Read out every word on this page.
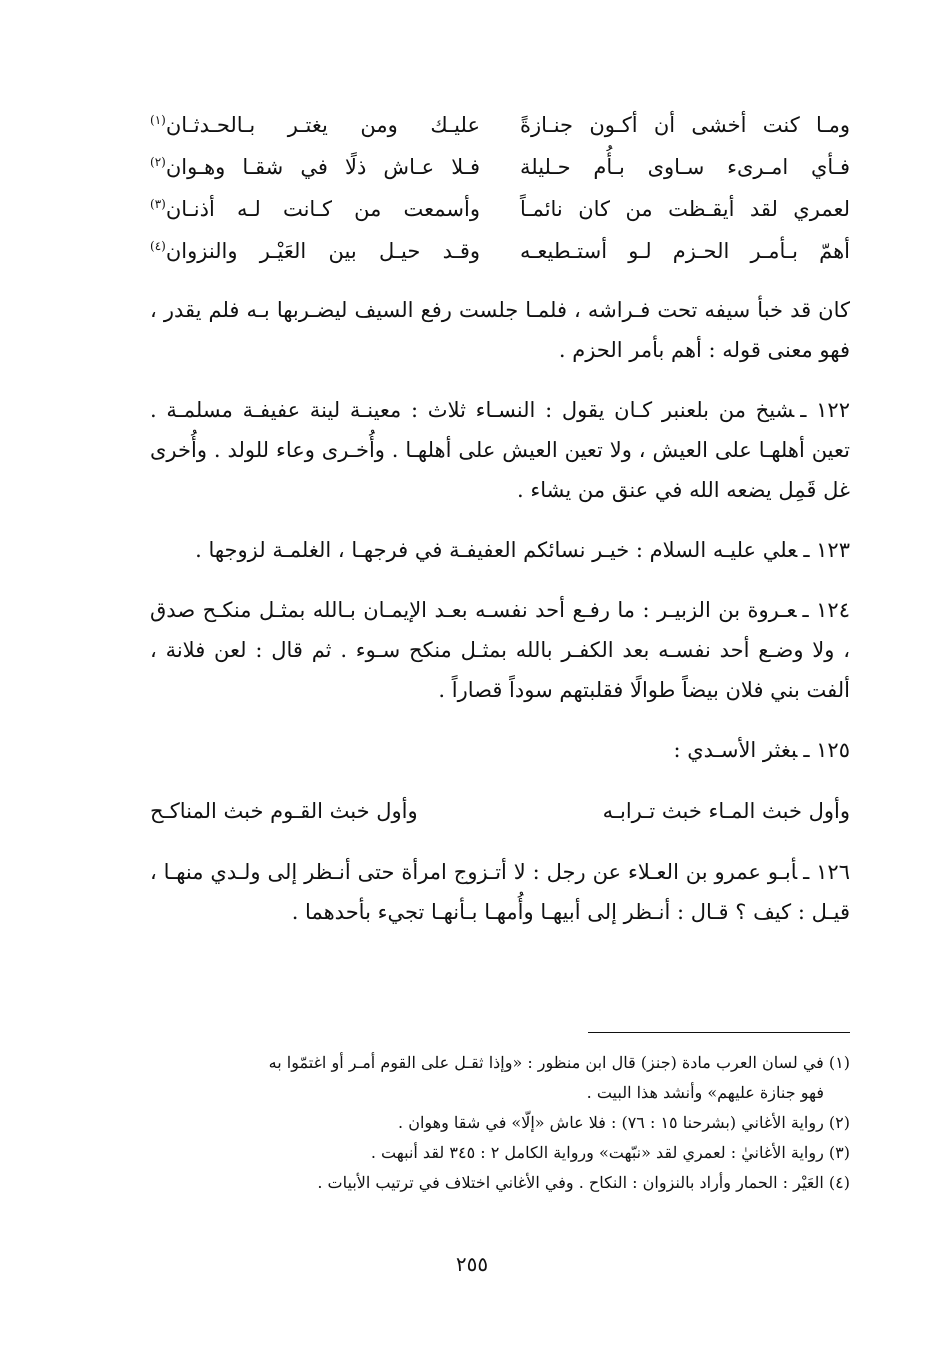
ومـا كنت أخشى أن أكـون جنـازةً
عليـك ومن يغتـر بـالحـدثـان$^{(١)}$
فـأي امـرىء سـاوى بـأُم حـليلة
فـلا عـاش ذلًا في شقـا وهـوان$^{(٢)}$
لعمري لقد أيقـظت من كان نائمـاً
وأسمعت من كـانت لـه أذنـان$^{(٣)}$
أهمّ بـأمـر الحـزم لـو أستـطيعـه
وقـد حيـل بين العَيْـر والنزوان$^{(٤)}$

كان قد خبأ سيفه تحت فـراشه ، فلمـا جلست رفع السيف ليضـربها بـه فلم يقدر ، فهو معنى قوله : أهم بأمر الحزم .

١٢٢ ـشيخ من بلعنبر كـان يقول : النسـاء ثلاث : معينـة لينة عفيفـة مسلمـة . تعين أهلهـا على العيش ، ولا تعين العيش على أهلهـا . وأُخـرى وعاء للولد . وأُخرى غل قَمِل يضعه الله في عنق من يشاء .

١٢٣ ـعلي عليـه السلام : خيـر نسائكم العفيفـة في فرجهـا ، الغلمـة لزوجها .

١٢٤ ـعـروة بن الزبيـر : ما رفـع أحد نفسـه بعـد الإيمـان بـالله بمثـل منكـح صدق ، ولا وضـع أحد نفسـه بعد الكفـر بالله بمثـل منكح سـوء . ثم قال : لعن فلانة ، ألفت بني فلان بيضاً طوالًا فقلبتهم سوداً قصاراً .

١٢٥ ـبغثر الأسـدي :

وأول خبث المـاء خبث تـرابـه
وأول خبث القـوم خبث المناكـح

١٢٦ ـأبـو عمرو بن العـلاء عن رجل : لا أتـزوج امرأة حتى أنـظر إلى ولـدي منهـا ، قيـل : كيف ؟ قـال : أنـظر إلى أبيهـا وأُمهـا بـأنهـا تجيء بأحدهما .

(١) في لسان العرب مادة (جنز) قال ابن منظور : «وإذا ثقـل على القوم أمـر أو اغتمّوا به

فهو جنازة عليهم» وأنشد هذا البيت .

(٢) رواية الأغاني (بشرحنا ١٥ : ٧٦) : فلا عاش «إلّا» في شقا وهوان .

(٣) رواية الأغانيٰ : لعمري لقد «نبّهت» ورواية الكامل ٢ : ٣٤٥ لقد أنبهت .

(٤) العَيْر : الحمار وأراد بالنزوان : النكاح . وفي الأغاني اختلاف في ترتيب الأبيات .

٢٥٥
